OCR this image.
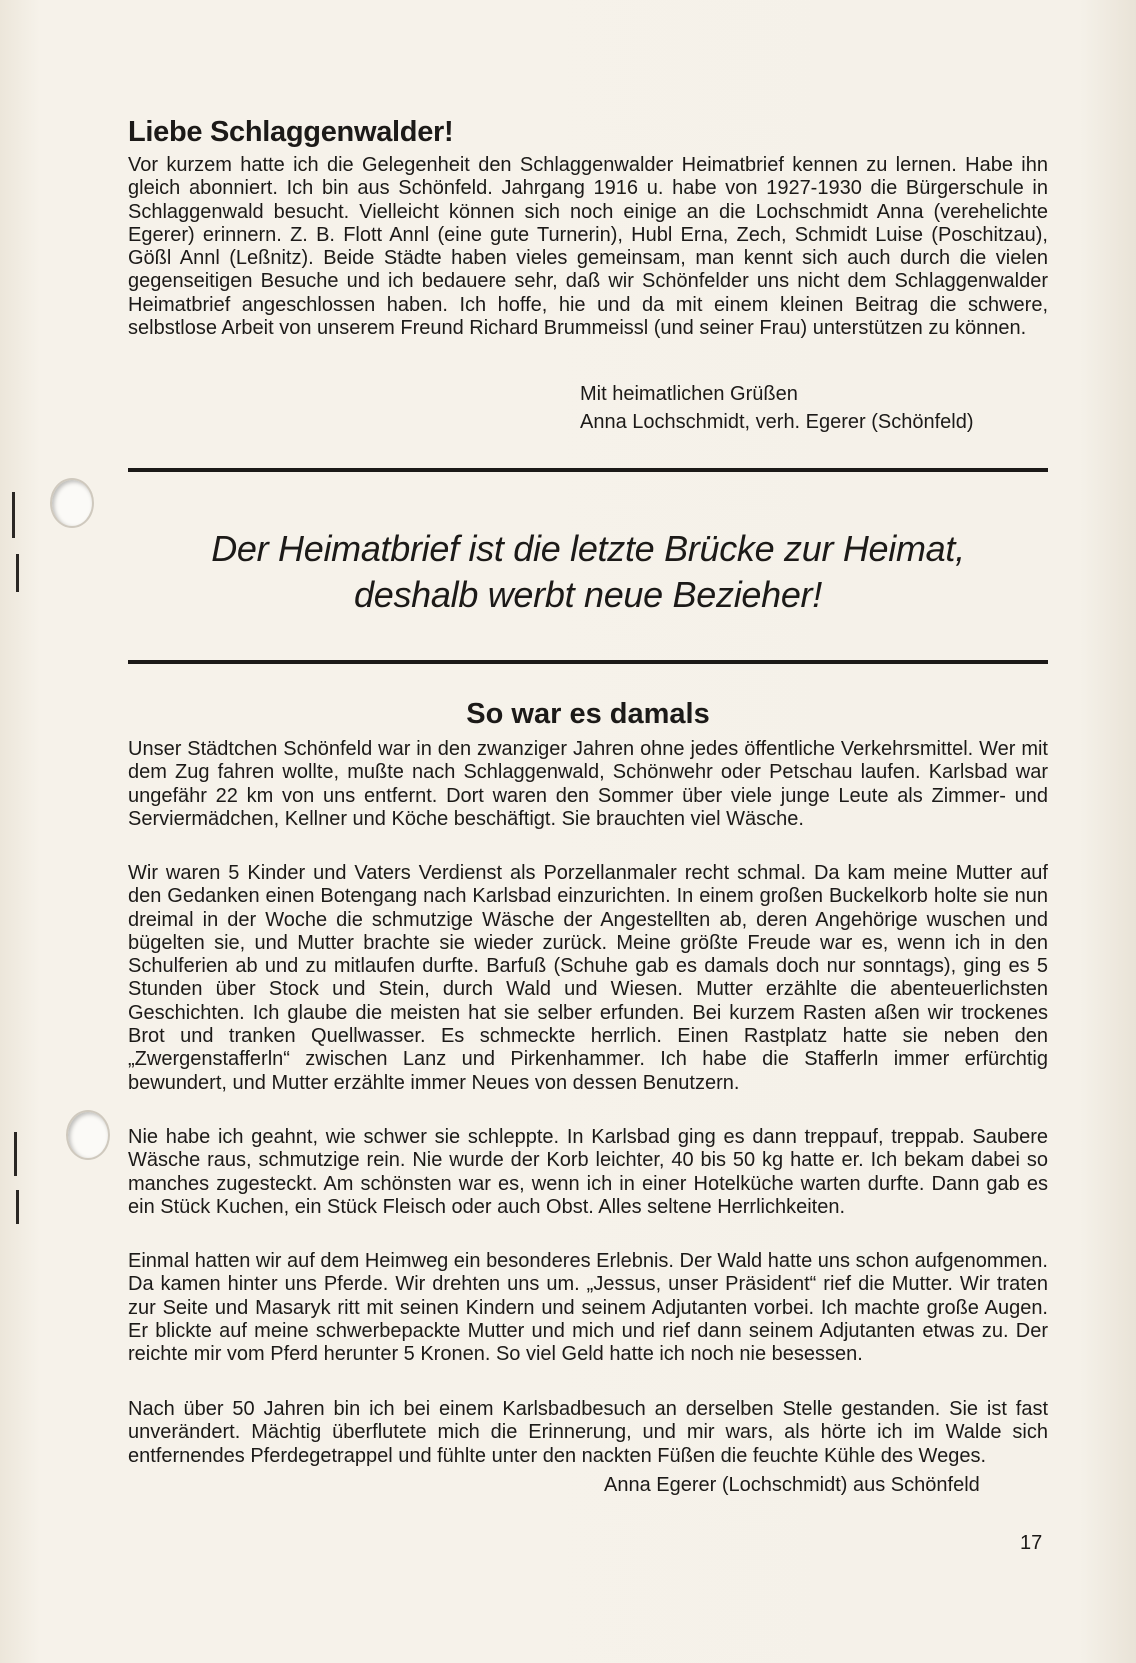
Liebe Schlaggenwalder!

Vor kurzem hatte ich die Gelegenheit den Schlaggenwalder Heimatbrief kennen zu lernen. Habe ihn gleich abonniert. Ich bin aus Schönfeld. Jahrgang 1916 u. habe von 1927-1930 die Bürgerschule in Schlaggenwald besucht. Vielleicht können sich noch einige an die Lochschmidt Anna (verehelichte Egerer) erinnern. Z. B. Flott Annl (eine gute Turnerin), Hubl Erna, Zech, Schmidt Luise (Poschitzau), Gößl Annl (Leßnitz). Beide Städte haben vieles gemeinsam, man kennt sich auch durch die vielen gegenseitigen Besuche und ich bedauere sehr, daß wir Schönfelder uns nicht dem Schlaggenwalder Heimatbrief angeschlossen haben. Ich hoffe, hie und da mit einem kleinen Beitrag die schwere, selbstlose Arbeit von unserem Freund Richard Brummeissl (und seiner Frau) unterstützen zu können.

Mit heimatlichen Grüßen
Anna Lochschmidt, verh. Egerer (Schönfeld)
Der Heimatbrief ist die letzte Brücke zur Heimat,
deshalb werbt neue Bezieher!
So war es damals

Unser Städtchen Schönfeld war in den zwanziger Jahren ohne jedes öffentliche Verkehrsmittel. Wer mit dem Zug fahren wollte, mußte nach Schlaggenwald, Schönwehr oder Petschau laufen. Karlsbad war ungefähr 22 km von uns entfernt. Dort waren den Sommer über viele junge Leute als Zimmer- und Serviermädchen, Kellner und Köche beschäftigt. Sie brauchten viel Wäsche.

Wir waren 5 Kinder und Vaters Verdienst als Porzellanmaler recht schmal. Da kam meine Mutter auf den Gedanken einen Botengang nach Karlsbad einzurichten. In einem großen Buckelkorb holte sie nun dreimal in der Woche die schmutzige Wäsche der Angestellten ab, deren Angehörige wuschen und bügelten sie, und Mutter brachte sie wieder zurück. Meine größte Freude war es, wenn ich in den Schulferien ab und zu mitlaufen durfte. Barfuß (Schuhe gab es damals doch nur sonntags), ging es 5 Stunden über Stock und Stein, durch Wald und Wiesen. Mutter erzählte die abenteuerlichsten Geschichten. Ich glaube die meisten hat sie selber erfunden. Bei kurzem Rasten aßen wir trockenes Brot und tranken Quellwasser. Es schmeckte herrlich. Einen Rastplatz hatte sie neben den „Zwergenstafferln“ zwischen Lanz und Pirkenhammer. Ich habe die Stafferln immer erfürchtig bewundert, und Mutter erzählte immer Neues von dessen Benutzern.

Nie habe ich geahnt, wie schwer sie schleppte. In Karlsbad ging es dann treppauf, treppab. Saubere Wäsche raus, schmutzige rein. Nie wurde der Korb leichter, 40 bis 50 kg hatte er. Ich bekam dabei so manches zugesteckt. Am schönsten war es, wenn ich in einer Hotelküche warten durfte. Dann gab es ein Stück Kuchen, ein Stück Fleisch oder auch Obst. Alles seltene Herrlichkeiten.

Einmal hatten wir auf dem Heimweg ein besonderes Erlebnis. Der Wald hatte uns schon aufgenommen. Da kamen hinter uns Pferde. Wir drehten uns um. „Jessus, unser Präsident“ rief die Mutter. Wir traten zur Seite und Masaryk ritt mit seinen Kindern und seinem Adjutanten vorbei. Ich machte große Augen. Er blickte auf meine schwerbepackte Mutter und mich und rief dann seinem Adjutanten etwas zu. Der reichte mir vom Pferd herunter 5 Kronen. So viel Geld hatte ich noch nie besessen.

Nach über 50 Jahren bin ich bei einem Karlsbadbesuch an derselben Stelle gestanden. Sie ist fast unverändert. Mächtig überflutete mich die Erinnerung, und mir wars, als hörte ich im Walde sich entfernendes Pferdegetrappel und fühlte unter den nackten Füßen die feuchte Kühle des Weges.

Anna Egerer (Lochschmidt) aus Schönfeld
17
